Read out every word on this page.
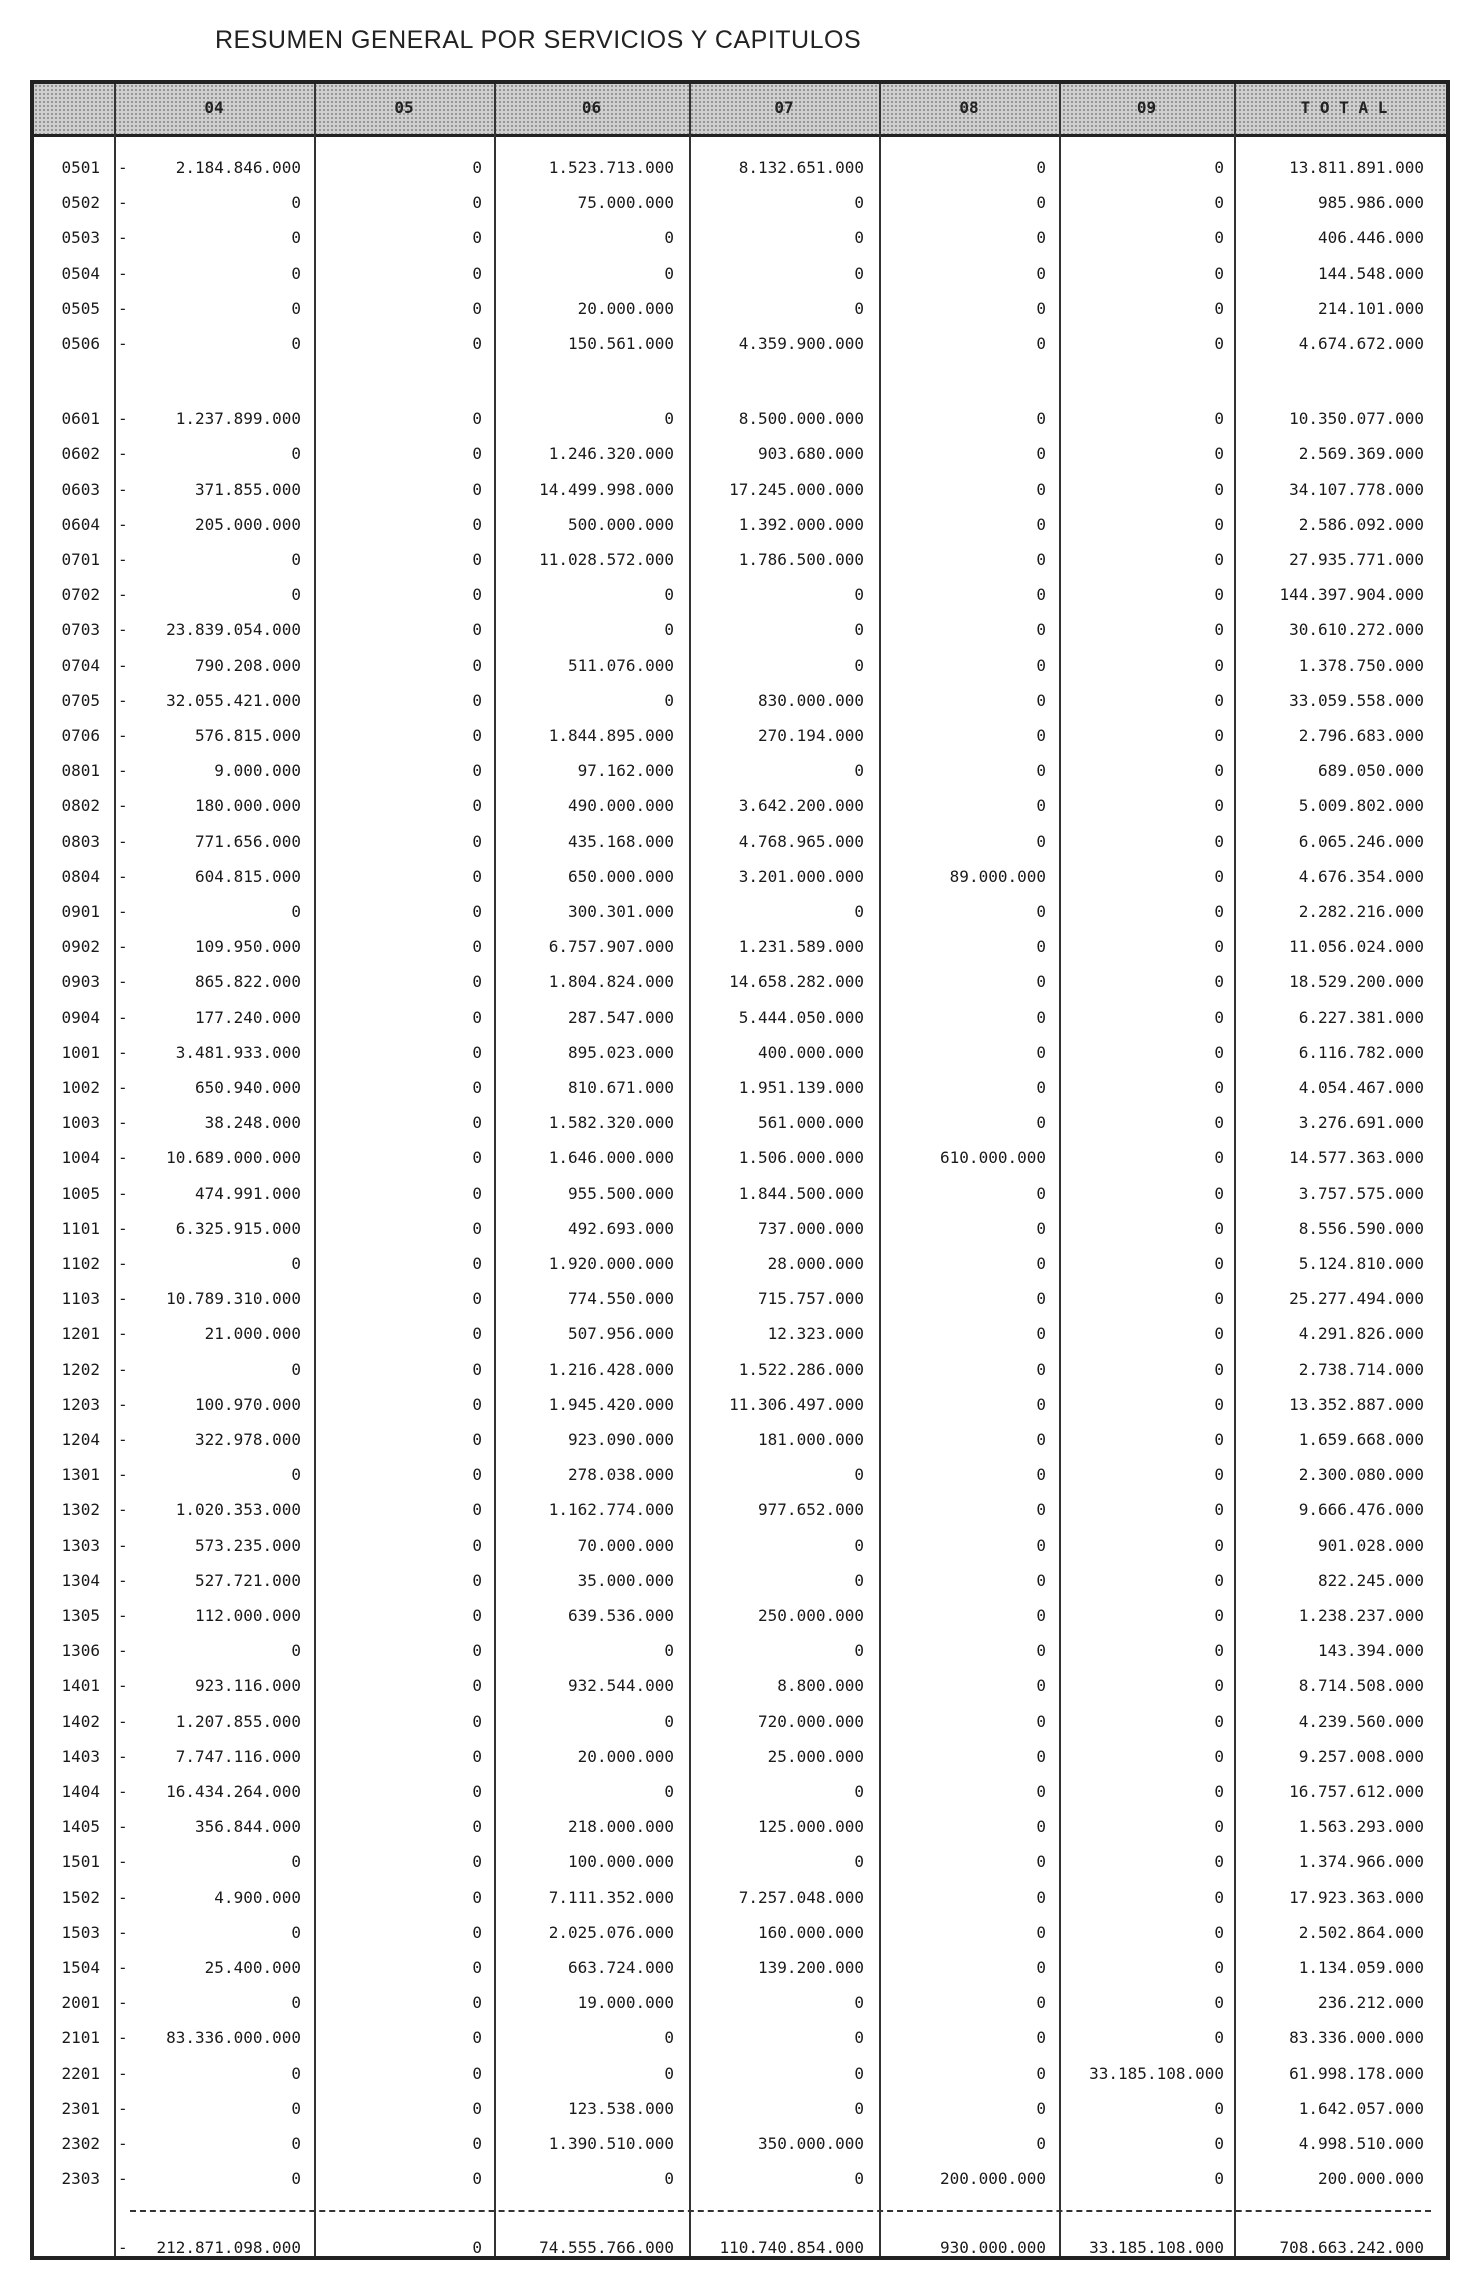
RESUMEN GENERAL POR SERVICIOS Y CAPITULOS
0501 -	2.184.846.000	0	1.523.713.000	8.132.651.000	0	0	13.811.891.000
0502 -	0	0	75.000.000	0	0	0	985.986.000
0503 -	0	0	0	0	0	0	406.446.000
0504 -	0	0	0	0	0	0	144.548.000
0505 -	0	0	20.000.000	0	0	0	214.101.000
0506 -	0	0	150.561.000	4.359.900.000	0	0	4.674.672.000
0601 -	1.237.899.000	0	0	8.500.000.000	0	0	10.350.077.000
0602 -	0	0	1.246.320.000	903.680.000	0	0	2.569.369.000
0603 -	371.855.000	0	14.499.998.000	17.245.000.000	0	0	34.107.778.000
0604 -	205.000.000	0	500.000.000	1.392.000.000	0	0	2.586.092.000
0701 -	0	0	11.028.572.000	1.786.500.000	0	0	27.935.771.000
0702 -	0	0	0	0	0	0	144.397.904.000
0703 -	23.839.054.000	0	0	0	0	0	30.610.272.000
0704 -	790.208.000	0	511.076.000	0	0	0	1.378.750.000
0705 -	32.055.421.000	0	0	830.000.000	0	0	33.059.558.000
0706 -	576.815.000	0	1.844.895.000	270.194.000	0	0	2.796.683.000
0801 -	9.000.000	0	97.162.000	0	0	0	689.050.000
0802 -	180.000.000	0	490.000.000	3.642.200.000	0	0	5.009.802.000
0803 -	771.656.000	0	435.168.000	4.768.965.000	0	0	6.065.246.000
0804 -	604.815.000	0	650.000.000	3.201.000.000	89.000.000	0	4.676.354.000
0901 -	0	0	300.301.000	0	0	0	2.282.216.000
0902 -	109.950.000	0	6.757.907.000	1.231.589.000	0	0	11.056.024.000
0903 -	865.822.000	0	1.804.824.000	14.658.282.000	0	0	18.529.200.000
0904 -	177.240.000	0	287.547.000	5.444.050.000	0	0	6.227.381.000
1001 -	3.481.933.000	0	895.023.000	400.000.000	0	0	6.116.782.000
1002 -	650.940.000	0	810.671.000	1.951.139.000	0	0	4.054.467.000
1003 -	38.248.000	0	1.582.320.000	561.000.000	0	0	3.276.691.000
1004 -	10.689.000.000	0	1.646.000.000	1.506.000.000	610.000.000	0	14.577.363.000
1005 -	474.991.000	0	955.500.000	1.844.500.000	0	0	3.757.575.000
1101 -	6.325.915.000	0	492.693.000	737.000.000	0	0	8.556.590.000
1102 -	0	0	1.920.000.000	28.000.000	0	0	5.124.810.000
1103 -	10.789.310.000	0	774.550.000	715.757.000	0	0	25.277.494.000
1201 -	21.000.000	0	507.956.000	12.323.000	0	0	4.291.826.000
1202 -	0	0	1.216.428.000	1.522.286.000	0	0	2.738.714.000
1203 -	100.970.000	0	1.945.420.000	11.306.497.000	0	0	13.352.887.000
1204 -	322.978.000	0	923.090.000	181.000.000	0	0	1.659.668.000
1301 -	0	0	278.038.000	0	0	0	2.300.080.000
1302 -	1.020.353.000	0	1.162.774.000	977.652.000	0	0	9.666.476.000
1303 -	573.235.000	0	70.000.000	0	0	0	901.028.000
1304 -	527.721.000	0	35.000.000	0	0	0	822.245.000
1305 -	112.000.000	0	639.536.000	250.000.000	0	0	1.238.237.000
1306 -	0	0	0	0	0	0	143.394.000
1401 -	923.116.000	0	932.544.000	8.800.000	0	0	8.714.508.000
1402 -	1.207.855.000	0	0	720.000.000	0	0	4.239.560.000
1403 -	7.747.116.000	0	20.000.000	25.000.000	0	0	9.257.008.000
1404 -	16.434.264.000	0	0	0	0	0	16.757.612.000
1405 -	356.844.000	0	218.000.000	125.000.000	0	0	1.563.293.000
1501 -	0	0	100.000.000	0	0	0	1.374.966.000
1502 -	4.900.000	0	7.111.352.000	7.257.048.000	0	0	17.923.363.000
1503 -	0	0	2.025.076.000	160.000.000	0	0	2.502.864.000
1504 -	25.400.000	0	663.724.000	139.200.000	0	0	1.134.059.000
2001 -	0	0	19.000.000	0	0	0	236.212.000
2101 -	83.336.000.000	0	0	0	0	0	83.336.000.000
2201 -	0	0	0	0	0	33.185.108.000	61.998.178.000
2301 -	0	0	123.538.000	0	0	0	1.642.057.000
2302 -	0	0	1.390.510.000	350.000.000	0	0	4.998.510.000
2303 -	0	0	0	0	200.000.000	0	200.000.000
-	212.871.098.000	0	74.555.766.000	110.740.854.000	930.000.000	33.185.108.000	708.663.242.000
04	05	06	07	08	09	T O T A L
